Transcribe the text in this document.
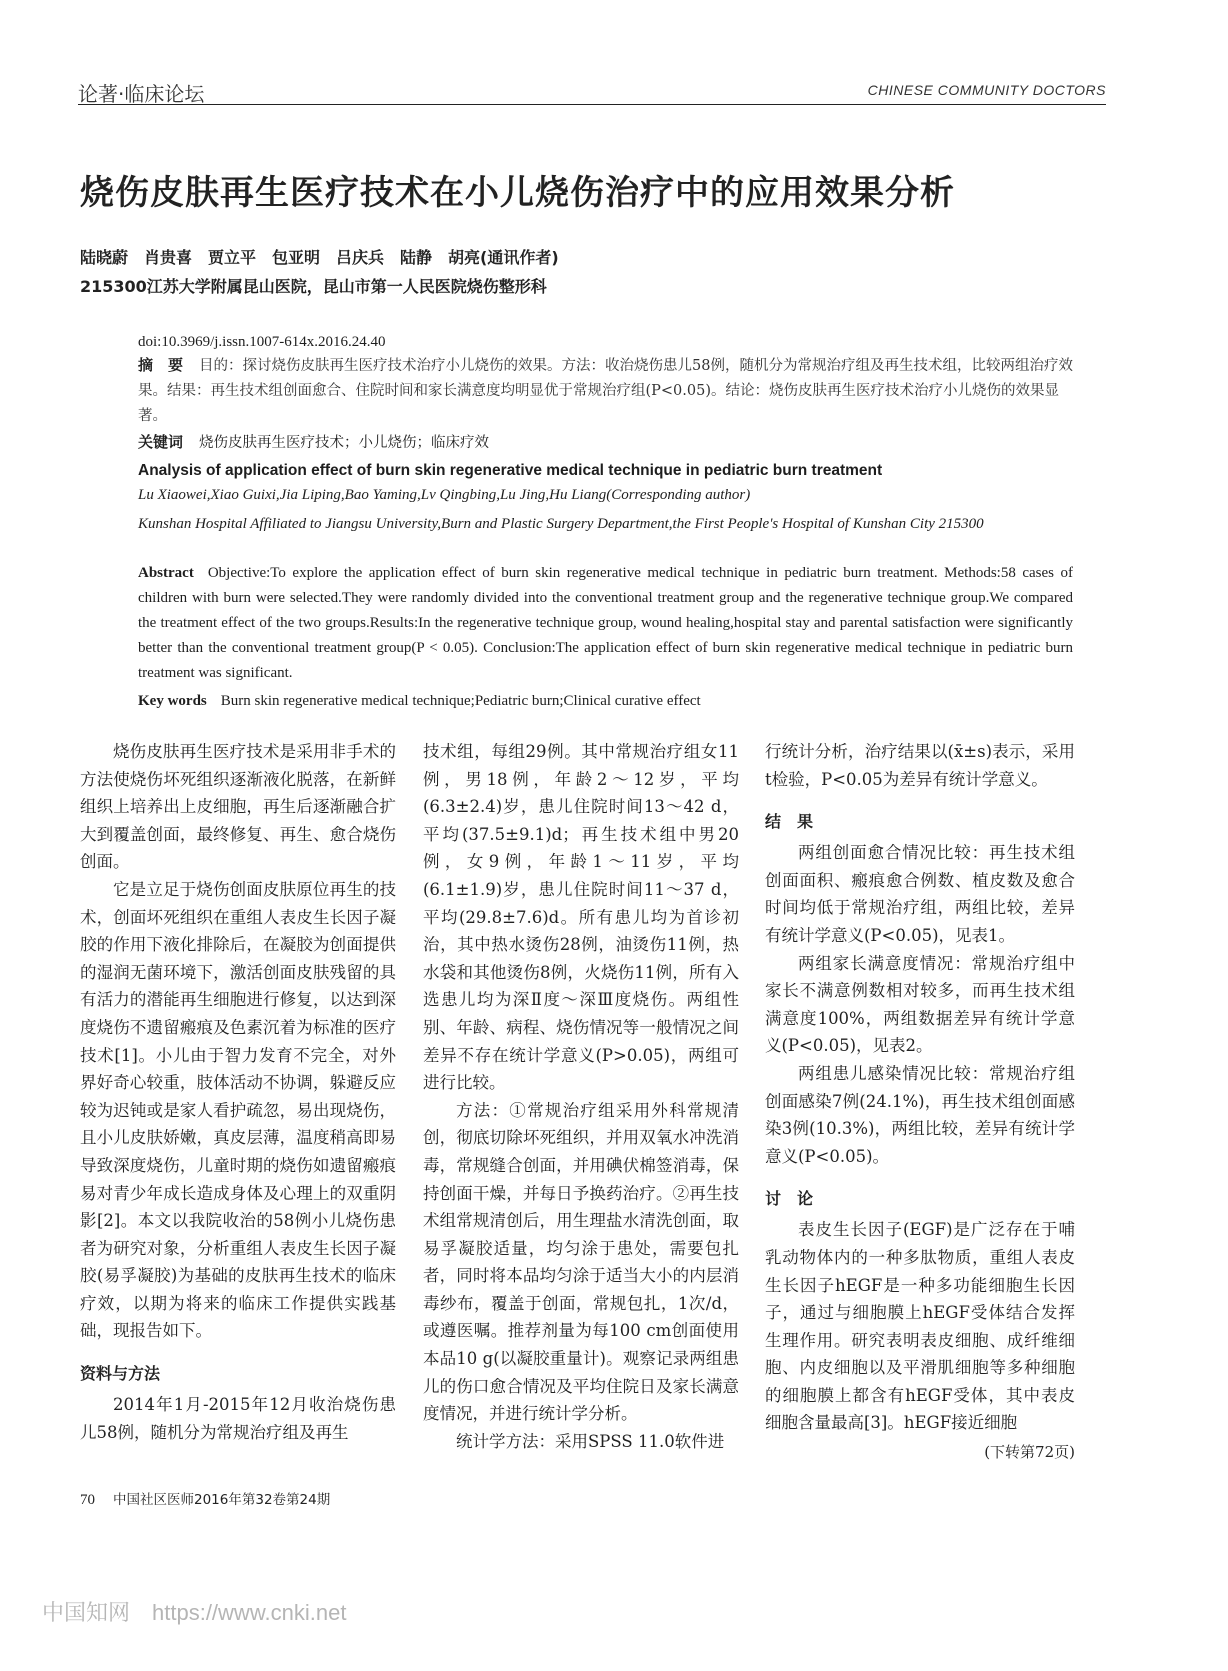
论著·临床论坛	CHINESE COMMUNITY DOCTORS
烧伤皮肤再生医疗技术在小儿烧伤治疗中的应用效果分析
陆晓蔚　肖贵喜　贾立平　包亚明　吕庆兵　陆静　胡亮(通讯作者)
215300江苏大学附属昆山医院，昆山市第一人民医院烧伤整形科
doi:10.3969/j.issn.1007-614x.2016.24.40
摘　要 目的：探讨烧伤皮肤再生医疗技术治疗小儿烧伤的效果。方法：收治烧伤患儿58例，随机分为常规治疗组及再生技术组，比较两组治疗效果。结果：再生技术组创面愈合、住院时间和家长满意度均明显优于常规治疗组(P<0.05)。结论：烧伤皮肤再生医疗技术治疗小儿烧伤的效果显著。
关键词 烧伤皮肤再生医疗技术；小儿烧伤；临床疗效
Analysis of application effect of burn skin regenerative medical technique in pediatric burn treatment
Lu Xiaowei,Xiao Guixi,Jia Liping,Bao Yaming,Lv Qingbing,Lu Jing,Hu Liang(Corresponding author)
Kunshan Hospital Affiliated to Jiangsu University,Burn and Plastic Surgery Department,the First People's Hospital of Kunshan City 215300
Abstract Objective:To explore the application effect of burn skin regenerative medical technique in pediatric burn treatment. Methods:58 cases of children with burn were selected.They were randomly divided into the conventional treatment group and the regenerative technique group.We compared the treatment effect of the two groups.Results:In the regenerative technique group, wound healing,hospital stay and parental satisfaction were significantly better than the conventional treatment group(P < 0.05). Conclusion:The application effect of burn skin regenerative medical technique in pediatric burn treatment was significant.
Key words Burn skin regenerative medical technique;Pediatric burn;Clinical curative effect

烧伤皮肤再生医疗技术是采用非手术的方法使烧伤坏死组织逐渐液化脱落，在新鲜组织上培养出上皮细胞，再生后逐渐融合扩大到覆盖创面，最终修复、再生、愈合烧伤创面。

它是立足于烧伤创面皮肤原位再生的技术，创面坏死组织在重组人表皮生长因子凝胶的作用下液化排除后，在凝胶为创面提供的湿润无菌环境下，激活创面皮肤残留的具有活力的潜能再生细胞进行修复，以达到深度烧伤不遗留瘢痕及色素沉着为标准的医疗技术[1]。小儿由于智力发育不完全，对外界好奇心较重，肢体活动不协调，躲避反应较为迟钝或是家人看护疏忽，易出现烧伤，且小儿皮肤娇嫩，真皮层薄，温度稍高即易导致深度烧伤，儿童时期的烧伤如遗留瘢痕易对青少年成长造成身体及心理上的双重阴影[2]。本文以我院收治的58例小儿烧伤患者为研究对象，分析重组人表皮生长因子凝胶(易孚凝胶)为基础的皮肤再生技术的临床疗效，以期为将来的临床工作提供实践基础，现报告如下。

资料与方法

2014年1月-2015年12月收治烧伤患儿58例，随机分为常规治疗组及再生

技术组，每组29例。其中常规治疗组女11例，男18例，年龄2～12岁，平均(6.3±2.4)岁，患儿住院时间13～42 d，平均(37.5±9.1)d；再生技术组中男20例，女9例，年龄1～11岁，平均(6.1±1.9)岁，患儿住院时间11～37 d，平均(29.8±7.6)d。所有患儿均为首诊初治，其中热水烫伤28例，油烫伤11例，热水袋和其他烫伤8例，火烧伤11例，所有入选患儿均为深Ⅱ度～深Ⅲ度烧伤。两组性别、年龄、病程、烧伤情况等一般情况之间差异不存在统计学意义(P>0.05)，两组可进行比较。

方法：①常规治疗组采用外科常规清创，彻底切除坏死组织，并用双氧水冲洗消毒，常规缝合创面，并用碘伏棉签消毒，保持创面干燥，并每日予换药治疗。②再生技术组常规清创后，用生理盐水清洗创面，取易孚凝胶适量，均匀涂于患处，需要包扎者，同时将本品均匀涂于适当大小的内层消毒纱布，覆盖于创面，常规包扎，1次/d，或遵医嘱。推荐剂量为每100 cm创面使用本品10 g(以凝胶重量计)。观察记录两组患儿的伤口愈合情况及平均住院日及家长满意度情况，并进行统计学分析。

统计学方法：采用SPSS 11.0软件进

行统计分析，治疗结果以(x̄±s)表示，采用t检验，P<0.05为差异有统计学意义。

结　果

两组创面愈合情况比较：再生技术组创面面积、瘢痕愈合例数、植皮数及愈合时间均低于常规治疗组，两组比较，差异有统计学意义(P<0.05)，见表1。

两组家长满意度情况：常规治疗组中家长不满意例数相对较多，而再生技术组满意度100%，两组数据差异有统计学意义(P<0.05)，见表2。

两组患儿感染情况比较：常规治疗组创面感染7例(24.1%)，再生技术组创面感染3例(10.3%)，两组比较，差异有统计学意义(P<0.05)。

讨　论

表皮生长因子(EGF)是广泛存在于哺乳动物体内的一种多肽物质，重组人表皮生长因子hEGF是一种多功能细胞生长因子，通过与细胞膜上hEGF受体结合发挥生理作用。研究表明表皮细胞、成纤维细胞、内皮细胞以及平滑肌细胞等多种细胞的细胞膜上都含有hEGF受体，其中表皮细胞含量最高[3]。hEGF接近细胞

(下转第72页)
70 中国社区医师2016年第32卷第24期
中国知网 https://www.cnki.net
